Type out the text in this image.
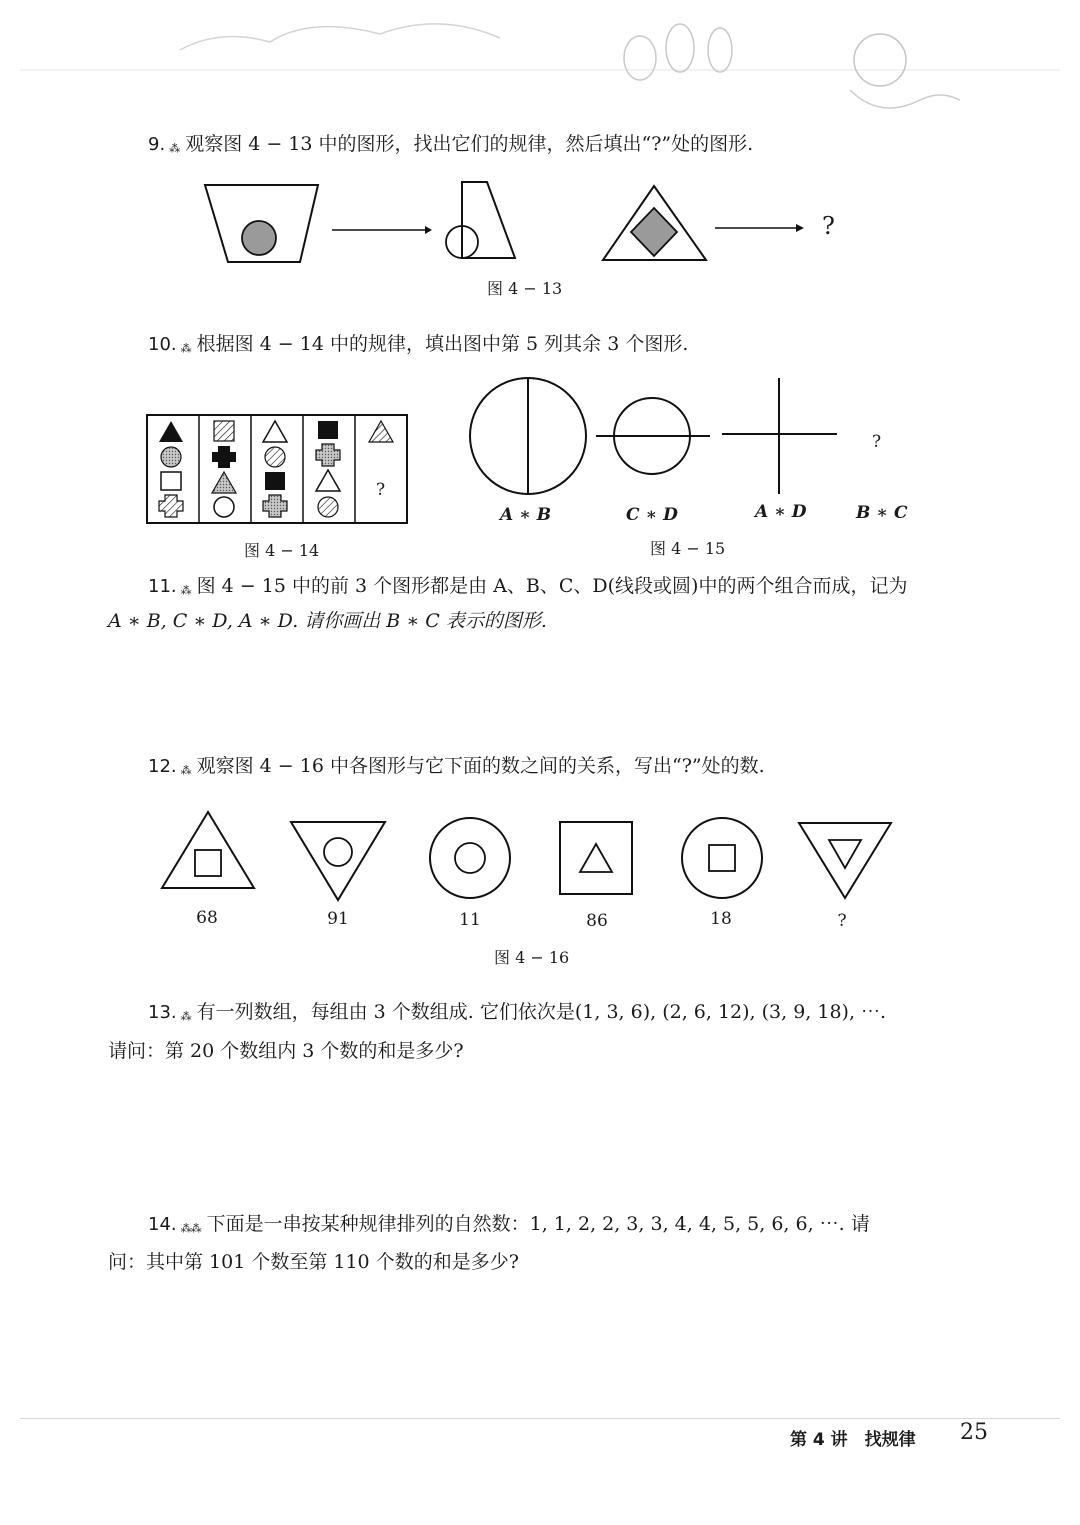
9. ⁂ 观察图 4 − 13 中的图形，找出它们的规律，然后填出“?”处的图形.
?
图 4 − 13
10. ⁂ 根据图 4 − 14 中的规律，填出图中第 5 列其余 3 个图形.
?
图 4 − 14
?
A ∗ B	C ∗ D	A ∗ D	B ∗ C
图 4 − 15
11. ⁂ 图 4 − 15 中的前 3 个图形都是由 A、B、C、D(线段或圆)中的两个组合而成，记为
A ∗ B, C ∗ D, A ∗ D. 请你画出 B ∗ C 表示的图形.
12. ⁂ 观察图 4 − 16 中各图形与它下面的数之间的关系，写出“?”处的数.
68	91	11	86	18	?
图 4 − 16
13. ⁂ 有一列数组，每组由 3 个数组成. 它们依次是(1, 3, 6), (2, 6, 12), (3, 9, 18), ⋯.
请问：第 20 个数组内 3 个数的和是多少?
14. ⁂⁂ 下面是一串按某种规律排列的自然数：1, 1, 2, 2, 3, 3, 4, 4, 5, 5, 6, 6, ⋯. 请
问：其中第 101 个数至第 110 个数的和是多少?
第 4 讲　找规律 25
